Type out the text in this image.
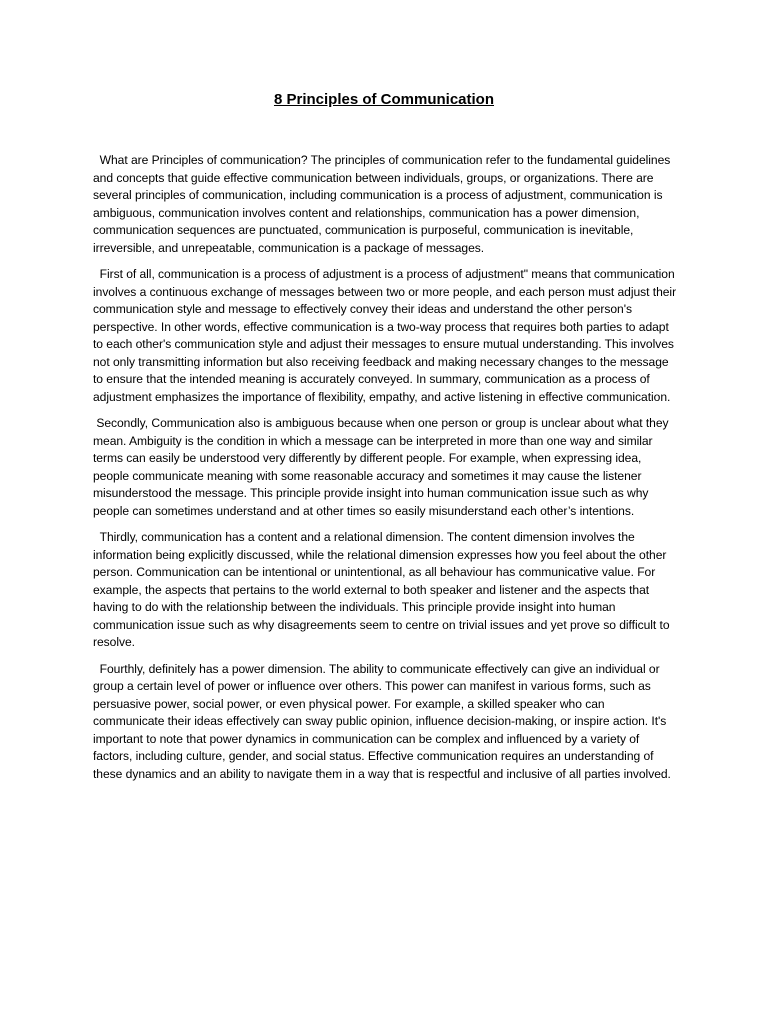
8 Principles of Communication

What are Principles of communication? The principles of communication refer to the fundamental guidelines and concepts that guide effective communication between individuals, groups, or organizations. There are several principles of communication, including communication is a process of adjustment, communication is ambiguous, communication involves content and relationships, communication has a power dimension, communication sequences are punctuated, communication is purposeful, communication is inevitable, irreversible, and unrepeatable, communication is a package of messages.

First of all, communication is a process of adjustment is a process of adjustment" means that communication involves a continuous exchange of messages between two or more people, and each person must adjust their communication style and message to effectively convey their ideas and understand the other person's perspective. In other words, effective communication is a two-way process that requires both parties to adapt to each other's communication style and adjust their messages to ensure mutual understanding. This involves not only transmitting information but also receiving feedback and making necessary changes to the message to ensure that the intended meaning is accurately conveyed. In summary, communication as a process of adjustment emphasizes the importance of flexibility, empathy, and active listening in effective communication.

Secondly, Communication also is ambiguous because when one person or group is unclear about what they mean. Ambiguity is the condition in which a message can be interpreted in more than one way and similar terms can easily be understood very differently by different people. For example, when expressing idea, people communicate meaning with some reasonable accuracy and sometimes it may cause the listener misunderstood the message. This principle provide insight into human communication issue such as why people can sometimes understand and at other times so easily misunderstand each other’s intentions.

Thirdly, communication has a content and a relational dimension. The content dimension involves the information being explicitly discussed, while the relational dimension expresses how you feel about the other person. Communication can be intentional or unintentional, as all behaviour has communicative value. For example, the aspects that pertains to the world external to both speaker and listener and the aspects that having to do with the relationship between the individuals. This principle provide insight into human communication issue such as why disagreements seem to centre on trivial issues and yet prove so difficult to resolve.

Fourthly, definitely has a power dimension. The ability to communicate effectively can give an individual or group a certain level of power or influence over others. This power can manifest in various forms, such as persuasive power, social power, or even physical power. For example, a skilled speaker who can communicate their ideas effectively can sway public opinion, influence decision-making, or inspire action. It's important to note that power dynamics in communication can be complex and influenced by a variety of factors, including culture, gender, and social status. Effective communication requires an understanding of these dynamics and an ability to navigate them in a way that is respectful and inclusive of all parties involved.
